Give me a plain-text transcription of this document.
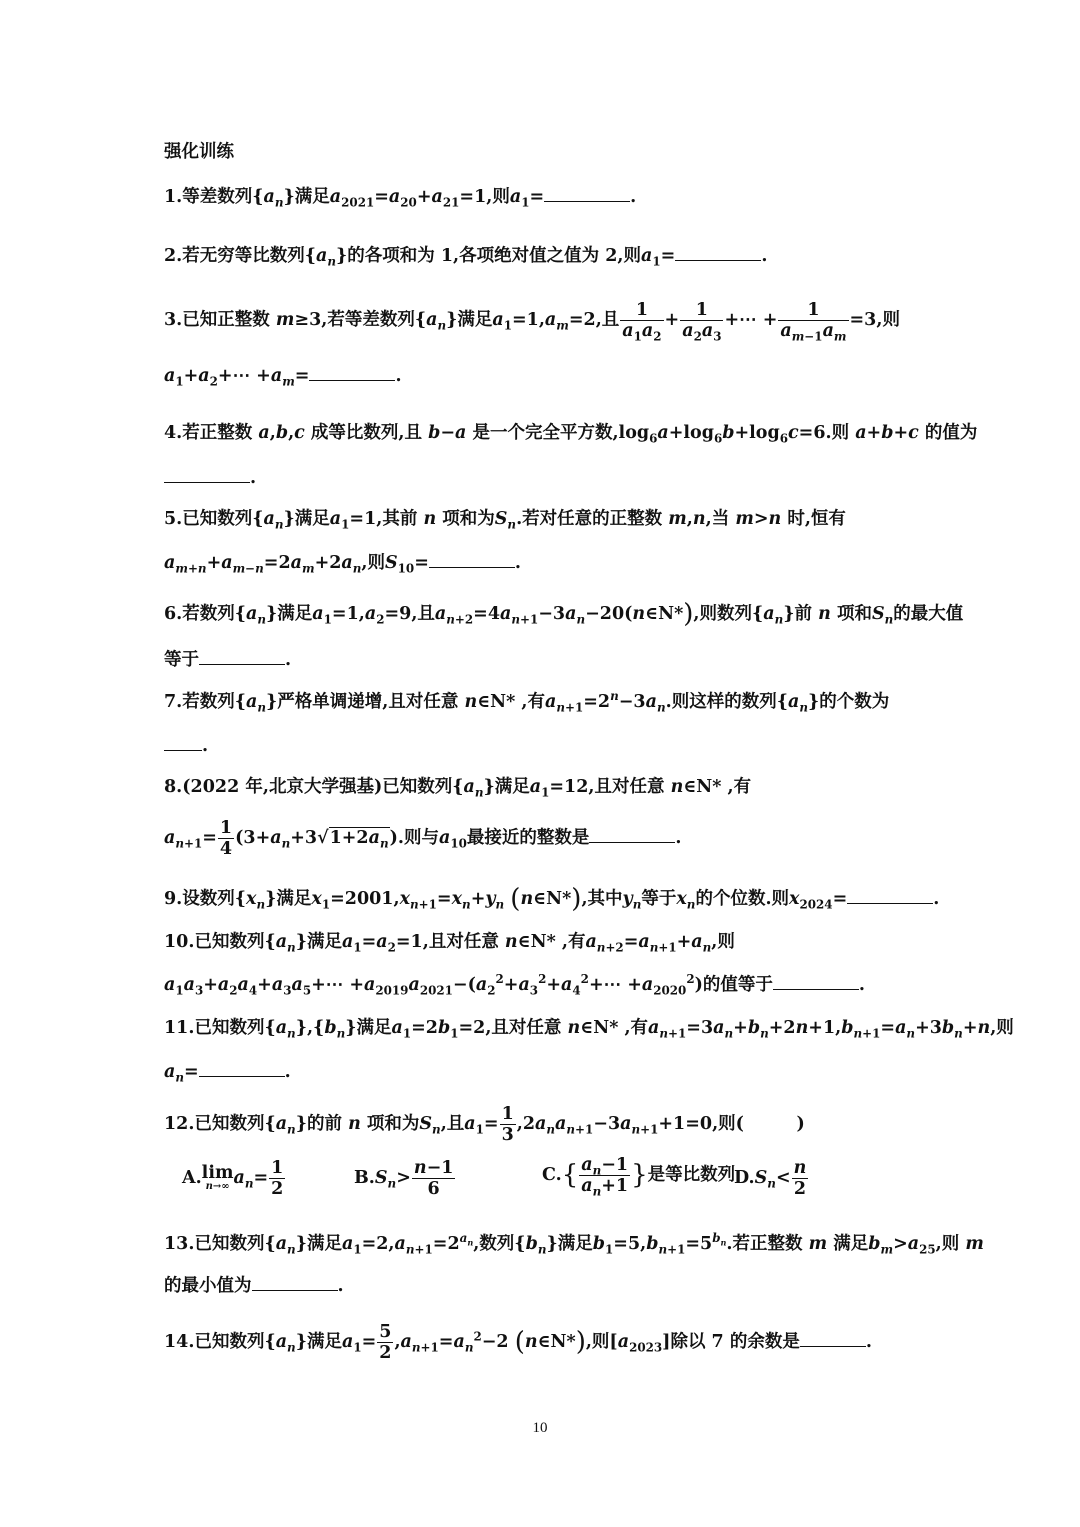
强化训练
1.等差数列$\{a_n\}$满足$a_{2021}=a_{20}+a_{21}=1$,则$a_1=$	.
2.若无穷等比数列$\{a_n\}$的各项和为 1,各项绝对值之值为 2,则$a_1=$	.
3.已知正整数 m≥3,若等差数列$\{a_n\}$满足$a_1=1,a_m=2$,且 $\frac{1}{a_1a_2} + \frac{1}{a_2a_3}$ +⋯ + $\frac{1}{a_{m-1}a_m} =3$,则
$a_1+a_2+\cdots +a_m=$	.
4.若正整数 a,b,c 成等比数列,且 b−a 是一个完全平方数$,\log_6a+\log_6b+\log_6c=6$.则 a+b+c 的值为
.
5.已知数列$\{a_n\}$满足$a_1=1$,其前 n 项和为$S_n$.若对任意的正整数 m,n,当 m>n 时,恒有
$a_{m+n}+a_{m-n}=2a_m+2a_n$,则$S_{10}=$	.
6.若数列$\{a_n\}$满足$a_1=1,a_2=9$,且$a_{n+2}=4a_{n+1}-3a_n-20(n\in N*)$,则数列$\{a_n\}$前 n 项和$S_n$的最大值
等于	.
7.若数列$\{a_n\}$严格单调递增,且对任意 n∈N* ,有$a_{n+1}=2^n-3a_n$.则这样的数列$\{a_n\}$的个数为
.
8.(2022 年,北京大学强基)已知数列$\{a_n\}$满足$a_1=12$,且对任意 n∈N* ,有
$a_{n+1}= \frac{1}{4} (3+a_n+3√1+2a_n)$.则与$a_{10}$最接近的整数是	.
9.设数列$\{x_n\}$满足$x_1=2001,x_{n+1}=x_n+y_n$ (n∈N*),其中$y_n$等于$x_n$的个位数.则$x_{2024}=$	.
10.已知数列$\{a_n\}$满足$a_1=a_2=1$,且对任意 n∈N* ,有$a_{n+2}=a_{n+1}+a_n$,则
$a_1a_3+a_2a_4+a_3a_5+\cdots$ $+a_{2019}a_{2021}-(a_2^2+a_3^2+a_4^2+\cdots +a_{2020}^2)$的值等于	.
11.已知数列$\{a_n\},\{b_n\}$满足$a_1=2b_1=2$,且对任意 n∈N* ,有$a_{n+1}=3a_n+b_n+2n+1,b_{n+1}=a_n+3b_n+n$,则
$a_n=$	.
12.已知数列$\{a_n\}$的前 n 项和为$S_n$,且$a_1= \frac{1}{3} ,2a_na_{n+1}-3a_{n+1}+1=0$,则(　　　)
A.lim
n→∞ $a_n= \frac{1}{2}$	$B.S_n> \frac{n-1}{6}$	$C.\{ \frac{a_n-1}{a_n+1}$ }是等比数列
$D.S_n< \frac{n}{2}$
13.已知数列$\{a_n\}$满足$a_1=2,a_{n+1}=2^{a_n}$,数列$\{b_n\}$满足$b_1=5,b_{n+1}=5^{b_n}$.若正整数 m 满足$b_m>a_{25}$,则 m
的最小值为	.
14.已知数列$\{a_n\}$满足$a_1= \frac{5}{2} ,a_{n+1}=a_n^2-2$ (n∈N*),则$[a_{2023}]$除以 7 的余数是	.
10
